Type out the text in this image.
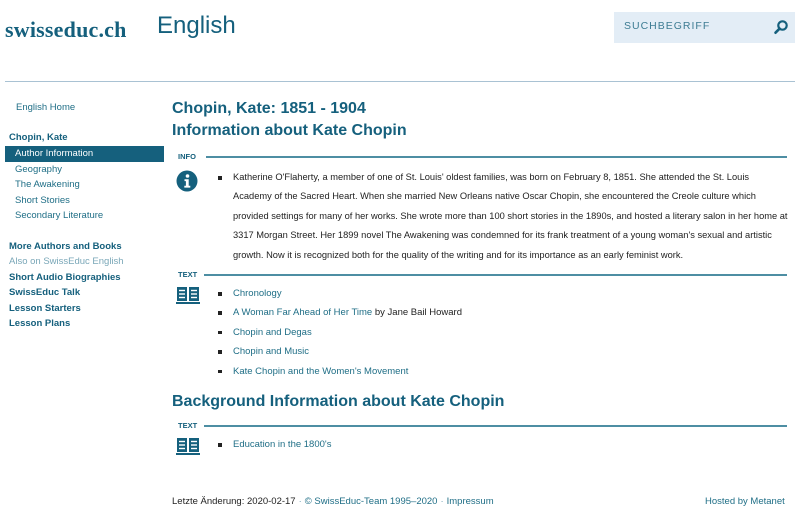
swisseduc.ch English
SUCHBEGRIFF
English Home
Chopin, Kate
Author Information
Geography
The Awakening
Short Stories
Secondary Literature
More Authors and Books
Also on SwissEduc English
Short Audio Biographies
SwissEduc Talk
Lesson Starters
Lesson Plans
Chopin, Kate: 1851 - 1904
Information about Kate Chopin
INFO

Katherine O'Flaherty, a member of one of St. Louis' oldest families, was born on February 8, 1851. She attended the St. Louis Academy of the Sacred Heart. When she married New Orleans native Oscar Chopin, she encountered the Creole culture which provided settings for many of her works. She wrote more than 100 short stories in the 1890s, and hosted a literary salon in her home at 3317 Morgan Street. Her 1899 novel The Awakening was condemned for its frank treatment of a young woman's sexual and artistic growth. Now it is recognized both for the quality of the writing and for its importance as an early feminist work.

TEXT
Chronology
A Woman Far Ahead of Her Time by Jane Bail Howard
Chopin and Degas
Chopin and Music
Kate Chopin and the Women's Movement
Background Information about Kate Chopin
TEXT
Education in the 1800's
Letzte Änderung: 2020-02-17 · © SwissEduc-Team 1995–2020 · Impressum	Hosted by Metanet
